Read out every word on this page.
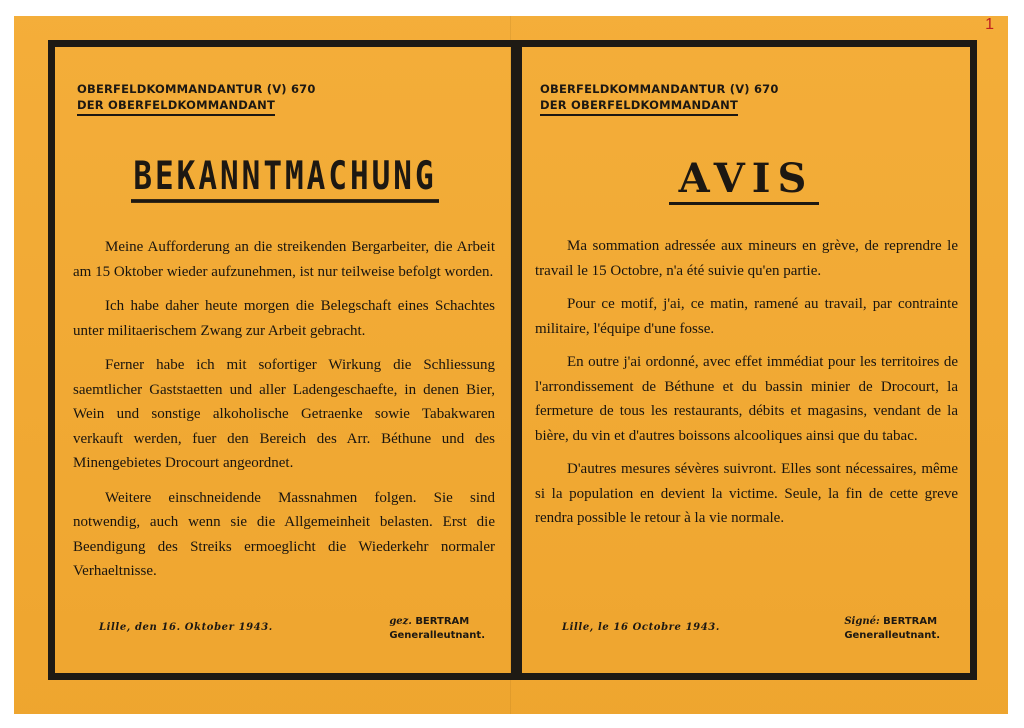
1
OBERFELDKOMMANDANTUR (V) 670
DER OBERFELDKOMMANDANT
BEKANNTMACHUNG

Meine Aufforderung an die streikenden Bergarbeiter, die Arbeit am 15 Oktober wieder aufzunehmen, ist nur teilweise befolgt worden.

Ich habe daher heute morgen die Belegschaft eines Schachtes unter militaerischem Zwang zur Arbeit gebracht.

Ferner habe ich mit sofortiger Wirkung die Schliessung saemtlicher Gaststaetten und aller Ladengeschaefte, in denen Bier, Wein und sonstige alkoholische Getraenke sowie Tabakwaren verkauft werden, fuer den Bereich des Arr. Béthune und des Minengebietes Drocourt angeordnet.

Weitere einschneidende Massnahmen folgen. Sie sind notwendig, auch wenn sie die Allgemeinheit belasten. Erst die Beendigung des Streiks ermoeglicht die Wiederkehr normaler Verhaeltnisse.

Lille, den 16. Oktober 1943.
gez. BERTRAM
Generalleutnant.
OBERFELDKOMMANDANTUR (V) 670
DER OBERFELDKOMMANDANT
AVIS

Ma sommation adressée aux mineurs en grève, de reprendre le travail le 15 Octobre, n'a été suivie qu'en partie.

Pour ce motif, j'ai, ce matin, ramené au travail, par contrainte militaire, l'équipe d'une fosse.

En outre j'ai ordonné, avec effet immédiat pour les territoires de l'arrondissement de Béthune et du bassin minier de Drocourt, la fermeture de tous les restaurants, débits et magasins, vendant de la bière, du vin et d'autres boissons alcooliques ainsi que du tabac.

D'autres mesures sévères suivront. Elles sont nécessaires, même si la population en devient la victime. Seule, la fin de cette greve rendra possible le retour à la vie normale.

Lille, le 16 Octobre 1943.
Signé: BERTRAM
Generalleutnant.
